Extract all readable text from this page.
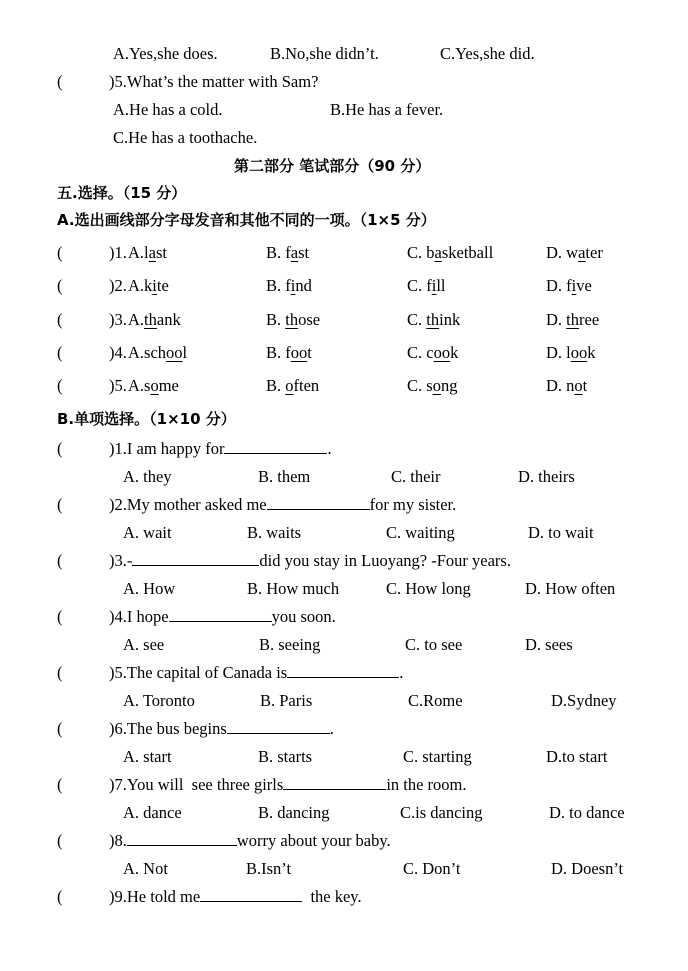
A.Yes,she does.	B.No,she didn’t.	C.Yes,she did.
(	)5.What’s the matter with Sam?
A.He has a cold.	B.He has a fever.
C.He has a toothache.
第二部分 笔试部分（90 分）
五.选择。（15 分）
A.选出画线部分字母发音和其他不同的一项。（1×5 分）
(	)1. A.last	B. fast	C. basketball	D. water
(	)2. A.kite	B. find	C. fill	D. five
(	)3. A.thank	B. those	C. think	D. three
(	)4. A.school	B. foot	C. cook	D. look
(	)5. A.some	B. often	C. song	D. not
B.单项选择。（1×10 分）
(	)1.I am happy for	.
A. they	B. them	C. their	D. theirs
(	)2.My mother asked me	for my sister.
A. wait	B. waits	C. waiting	D. to wait
(	)3.-	did you stay in Luoyang? -Four years.
A. How	B. How much	C. How long	D. How often
(	)4.I hope	you soon.
A. see	B. seeing	C. to see	D. sees
(	)5.The capital of Canada is	.
A. Toronto	B. Paris	C.Rome	D.Sydney
(	)6.The bus begins	.
A. start	B. starts	C. starting	D.to start
(	)7.You will  see three girls	in the room.
A. dance	B. dancing	C.is dancing	D. to dance
(	)8.	worry about your baby.
A. Not	B.Isn’t	C. Don’t	D. Doesn’t
(	)9.He told me	the key.
